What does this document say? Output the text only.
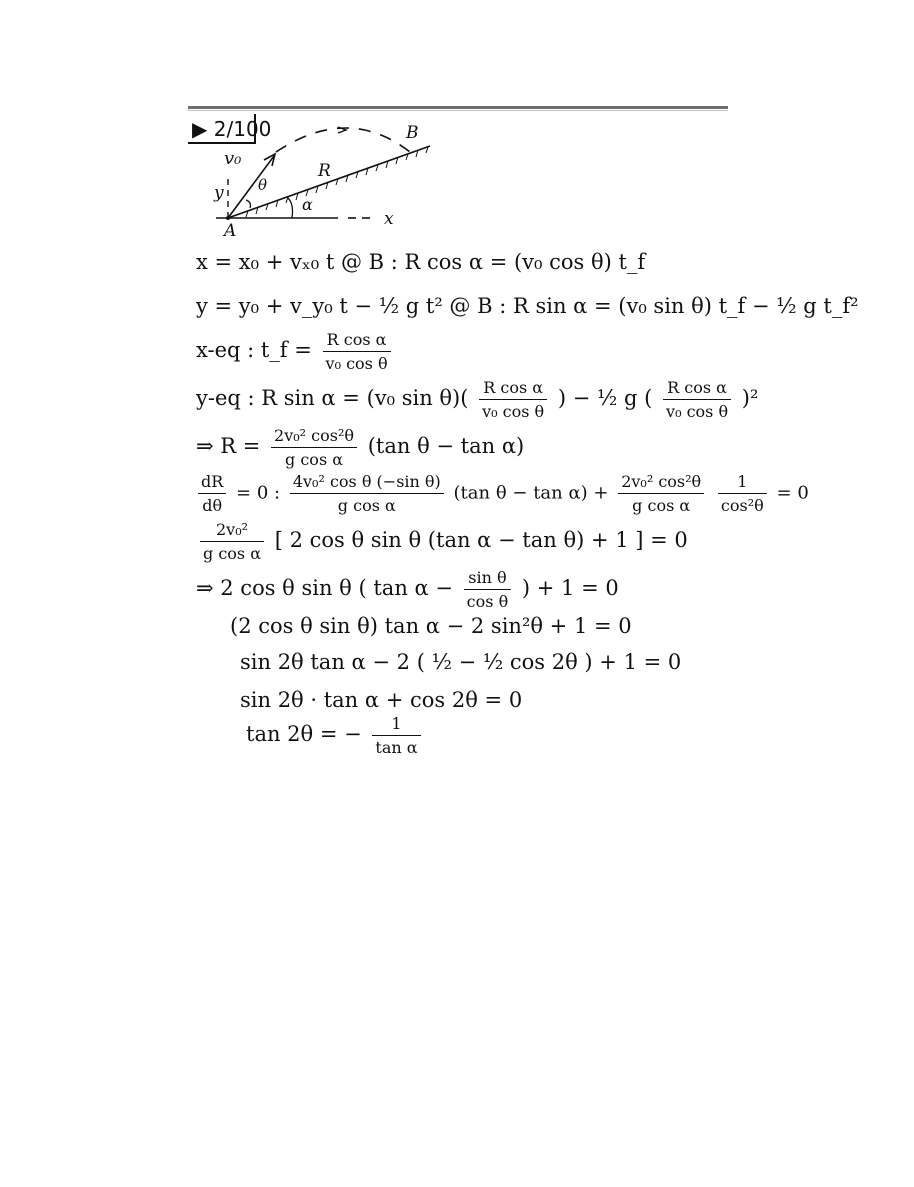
▶ 2/100
v₀
y θ
α
R
A
B
x
x = x₀ + vₓ₀ t @ B : R cos α = (v₀ cos θ) t_f
y = y₀ + v_y₀ t − ½ g t² @ B : R sin α = (v₀ sin θ) t_f − ½ g t_f²
x-eq : t_f = $\frac{\text{R cos α}}{\text{v₀ cos θ}}$
y-eq : R sin α = (v₀ $\sin \theta)( \frac{\text{R cos α}}{\text{v₀ cos θ}}$ ) − ½ g ( $\frac{\text{R cos α}}{\text{v₀ cos θ}} )^2$
⇒ $R = \frac{\text{2v₀² cos²θ}}{\text{g cos α}} (\tan$ θ − tan α)
$\frac{dR}{d\theta} = 0$ : $\frac{\text{4v₀² cos θ (−sin θ)}}{\text{g cos α}} (\tan$ $\theta - \tan \alpha) + \frac{\text{2v₀² cos²θ}}{\text{g cos α}}$
$\frac{1}{\text{cos²θ}} = 0$
$\frac{\text{2v₀²}}{\text{g cos α}}$ [ 2 cos θ sin θ (tan α − tan θ) + 1 ] = 0
⇒ 2 cos θ sin θ ( $\tan \alpha - \frac{\text{sin θ}}{\text{cos θ}}$ ) + 1 = 0
(2 cos θ sin θ) tan α − 2 sin²θ + 1 = 0
sin 2θ tan α − 2 ( ½ − ½ cos 2θ ) + 1 = 0
sin 2θ · tan α + cos 2θ = 0
tan 2θ = − $\frac{1}{\text{tan α}}$
